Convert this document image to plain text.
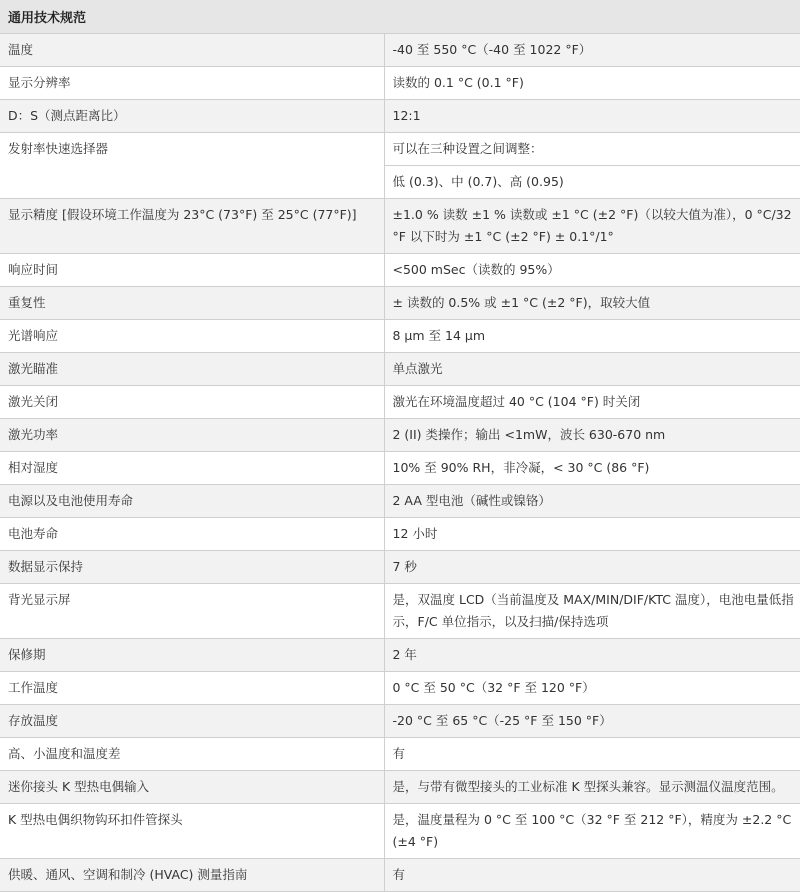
通用技术规范	
温度	-40 至 550 °C（-40 至 1022 °F）
显示分辨率	读数的 0.1 °C (0.1 °F)
D：S（测点距离比）	12:1
发射率快速选择器	可以在三种设置之间调整：
	低 (0.3)、中 (0.7)、高 (0.95)
显示精度 [假设环境工作温度为 23°C (73°F) 至 25°C (77°F)]	±1.0 % 读数 ±1 % 读数或 ±1 °C (±2 °F)（以较大值为准），0 °C/32 °F 以下时为 ±1 °C (±2 °F) ± 0.1°/1°
响应时间	<500 mSec（读数的 95%）
重复性	± 读数的 0.5% 或 ±1 °C (±2 °F)，取较大值
光谱响应	8 µm 至 14 µm
激光瞄准	单点激光
激光关闭	激光在环境温度超过 40 °C (104 °F) 时关闭
激光功率	2 (II) 类操作；输出 <1mW，波长 630-670 nm
相对湿度	10% 至 90% RH，非冷凝，< 30 °C (86 °F)
电源以及电池使用寿命	2 AA 型电池（碱性或镍铬）
电池寿命	12 小时
数据显示保持	7 秒
背光显示屏	是，双温度 LCD（当前温度及 MAX/MIN/DIF/KTC 温度），电池电量低指示，F/C 单位指示，以及扫描/保持选项
保修期	2 年
工作温度	0 °C 至 50 °C（32 °F 至 120 °F）
存放温度	-20 °C 至 65 °C（-25 °F 至 150 °F）
高、小温度和温度差	有
迷你接头 K 型热电偶输入	是，与带有微型接头的工业标准 K 型探头兼容。显示测温仪温度范围。
K 型热电偶织物钩环扣件管探头	是，温度量程为 0 °C 至 100 °C（32 °F 至 212 °F），精度为 ±2.2 °C (±4 °F)
供暖、通风、空调和制冷 (HVAC) 测量指南	有
